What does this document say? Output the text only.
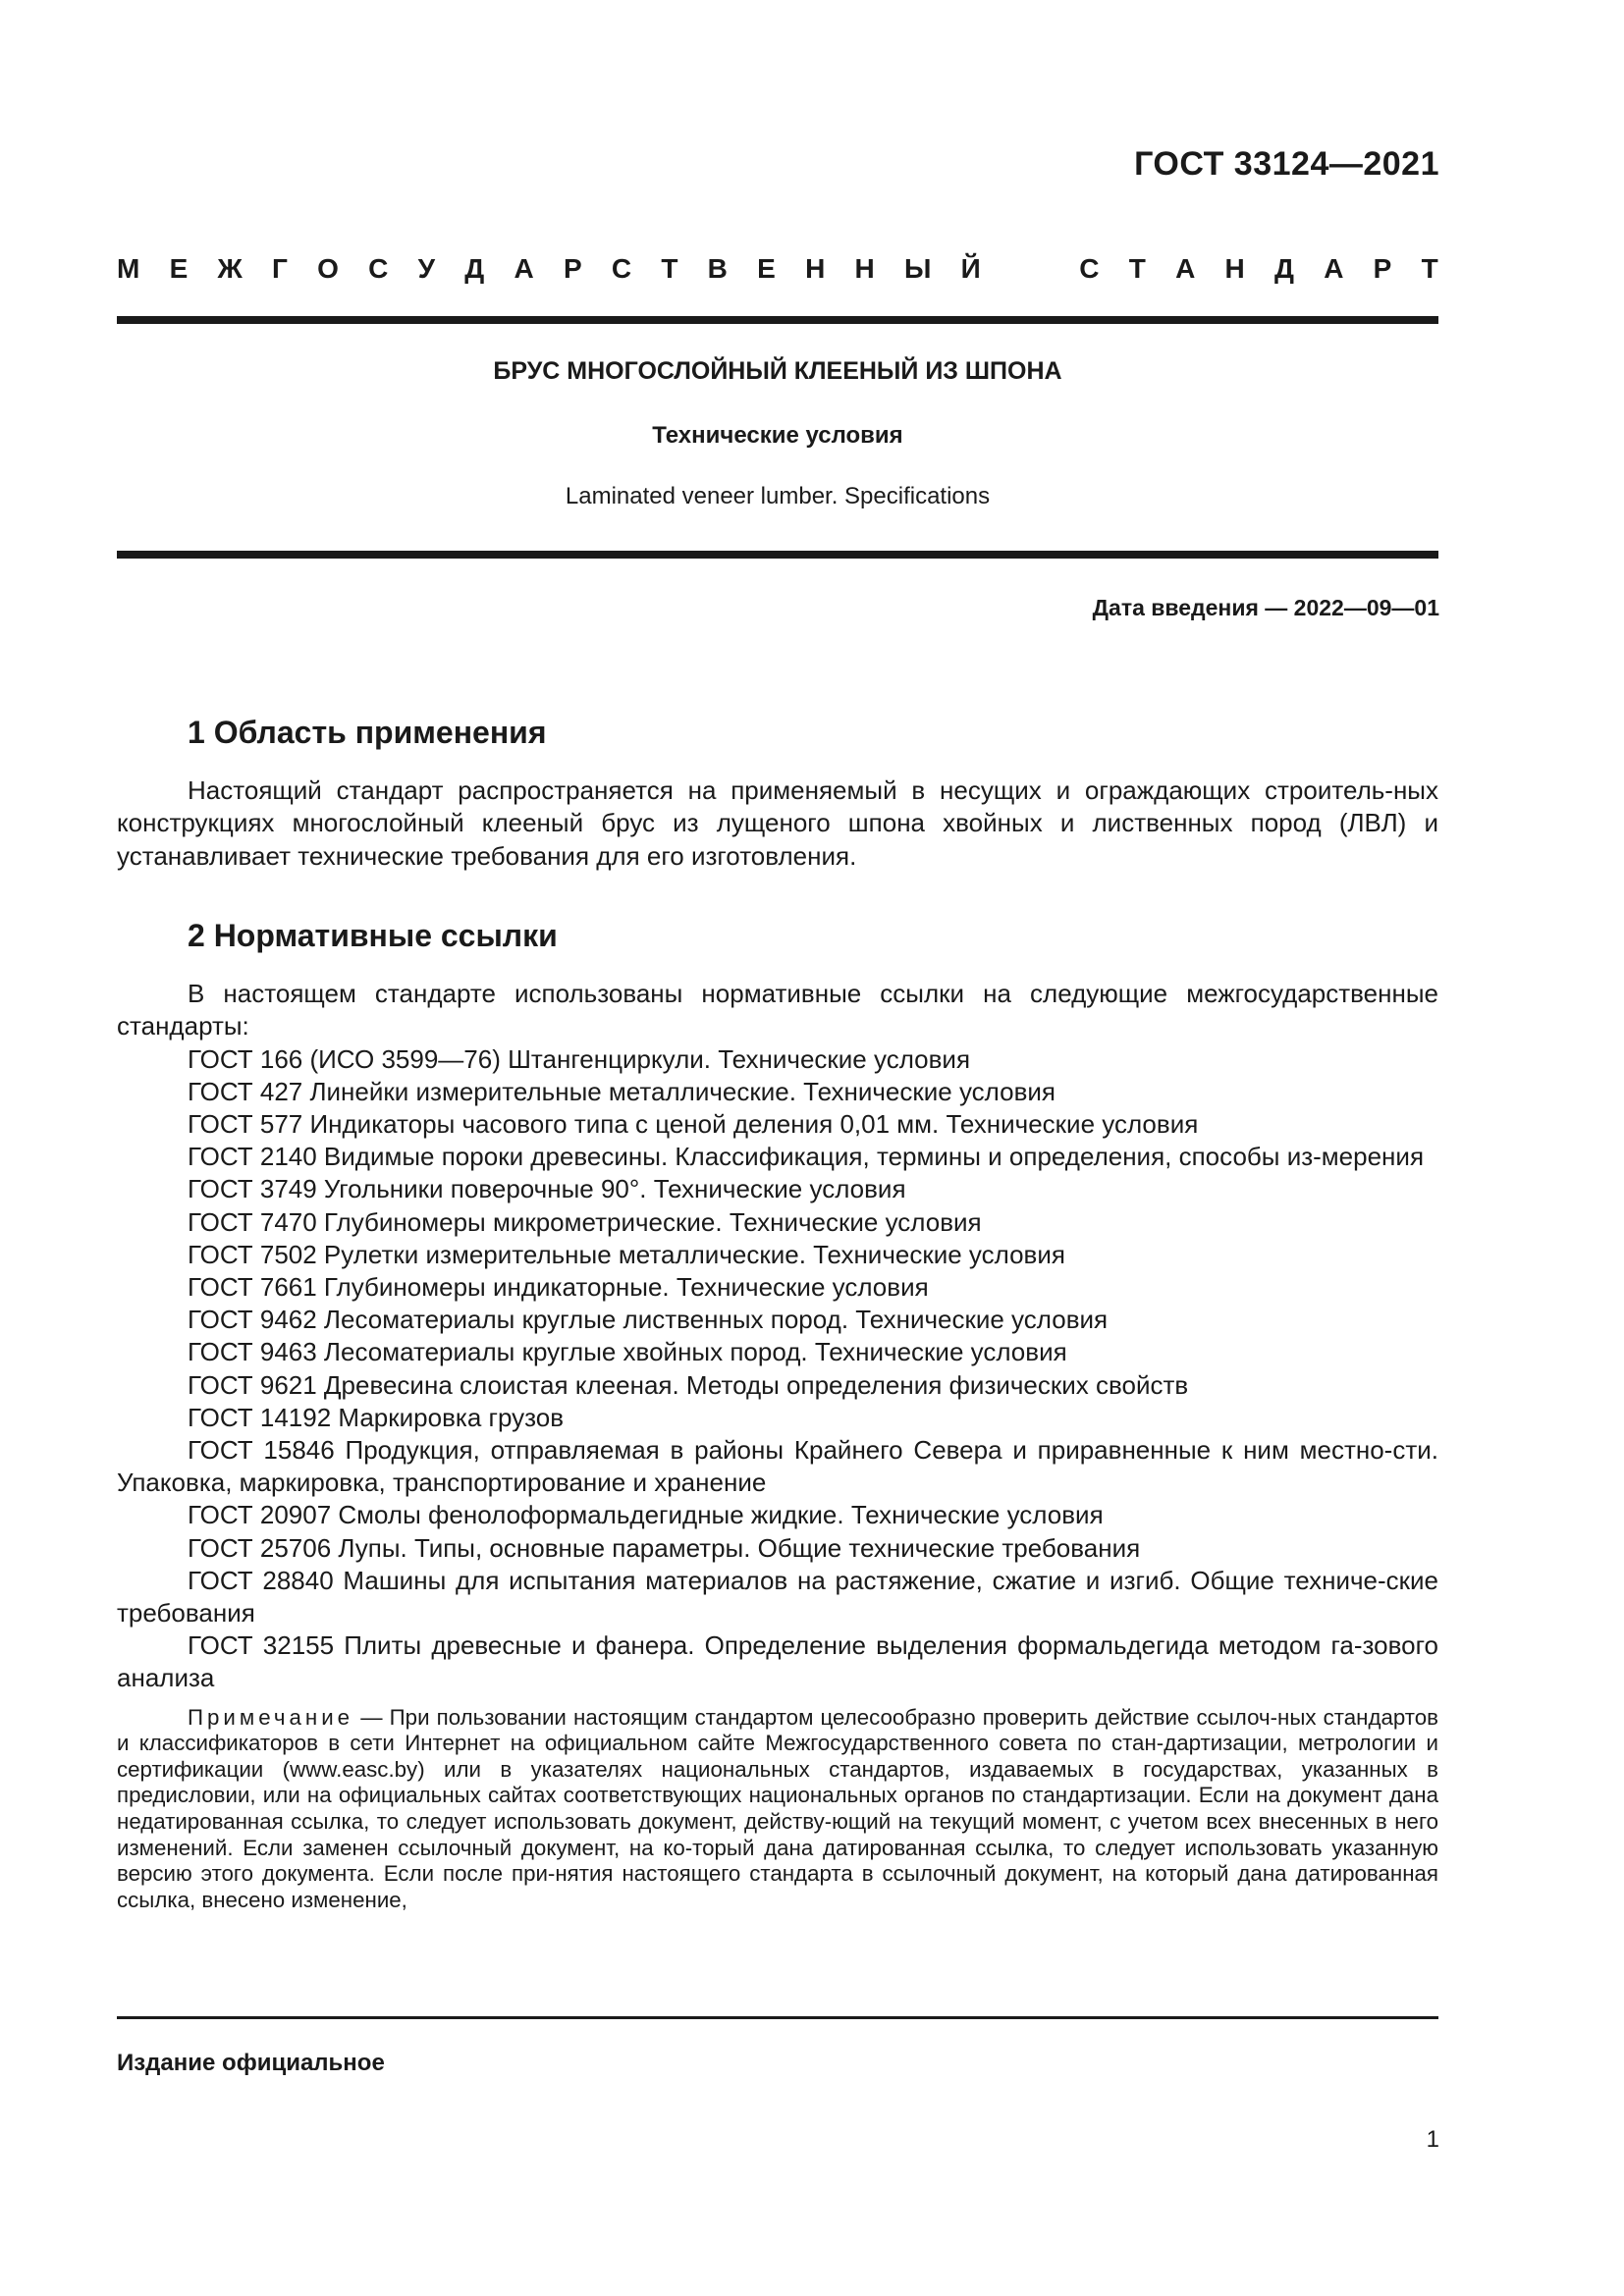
ГОСТ 33124—2021
М Е Ж Г О С У Д А Р С Т В Е Н Н Ы Й	С Т А Н Д А Р Т
БРУС МНОГОСЛОЙНЫЙ КЛЕЕНЫЙ ИЗ ШПОНА
Технические условия
Laminated veneer lumber. Specifications
Дата введения — 2022—09—01
1 Область применения

Настоящий стандарт распространяется на применяемый в несущих и ограждающих строитель-ных конструкциях многослойный клееный брус из лущеного шпона хвойных и лиственных пород (ЛВЛ) и устанавливает технические требования для его изготовления.

2 Нормативные ссылки

В настоящем стандарте использованы нормативные ссылки на следующие межгосударственные стандарты:

ГОСТ 166 (ИСО 3599—76) Штангенциркули. Технические условия
ГОСТ 427 Линейки измерительные металлические. Технические условия
ГОСТ 577 Индикаторы часового типа с ценой деления 0,01 мм. Технические условия
ГОСТ 2140 Видимые пороки древесины. Классификация, термины и определения, способы из-мерения
ГОСТ 3749 Угольники поверочные 90°. Технические условия
ГОСТ 7470 Глубиномеры микрометрические. Технические условия
ГОСТ 7502 Рулетки измерительные металлические. Технические условия
ГОСТ 7661 Глубиномеры индикаторные. Технические условия
ГОСТ 9462 Лесоматериалы круглые лиственных пород. Технические условия
ГОСТ 9463 Лесоматериалы круглые хвойных пород. Технические условия
ГОСТ 9621 Древесина слоистая клееная. Методы определения физических свойств
ГОСТ 14192 Маркировка грузов
ГОСТ 15846 Продукция, отправляемая в районы Крайнего Севера и приравненные к ним местно-сти. Упаковка, маркировка, транспортирование и хранение
ГОСТ 20907 Смолы фенолоформальдегидные жидкие. Технические условия
ГОСТ 25706 Лупы. Типы, основные параметры. Общие технические требования
ГОСТ 28840 Машины для испытания материалов на растяжение, сжатие и изгиб. Общие техниче-ские требования
ГОСТ 32155 Плиты древесные и фанера. Определение выделения формальдегида методом га-зового анализа
Примечание — При пользовании настоящим стандартом целесообразно проверить действие ссылоч-ных стандартов и классификаторов в сети Интернет на официальном сайте Межгосударственного совета по стан-дартизации, метрологии и сертификации (www.easc.by) или в указателях национальных стандартов, издаваемых в государствах, указанных в предисловии, или на официальных сайтах соответствующих национальных органов по стандартизации. Если на документ дана недатированная ссылка, то следует использовать документ, действу-ющий на текущий момент, с учетом всех внесенных в него изменений. Если заменен ссылочный документ, на ко-торый дана датированная ссылка, то следует использовать указанную версию этого документа. Если после при-нятия настоящего стандарта в ссылочный документ, на который дана датированная ссылка, внесено изменение,
Издание официальное
1
